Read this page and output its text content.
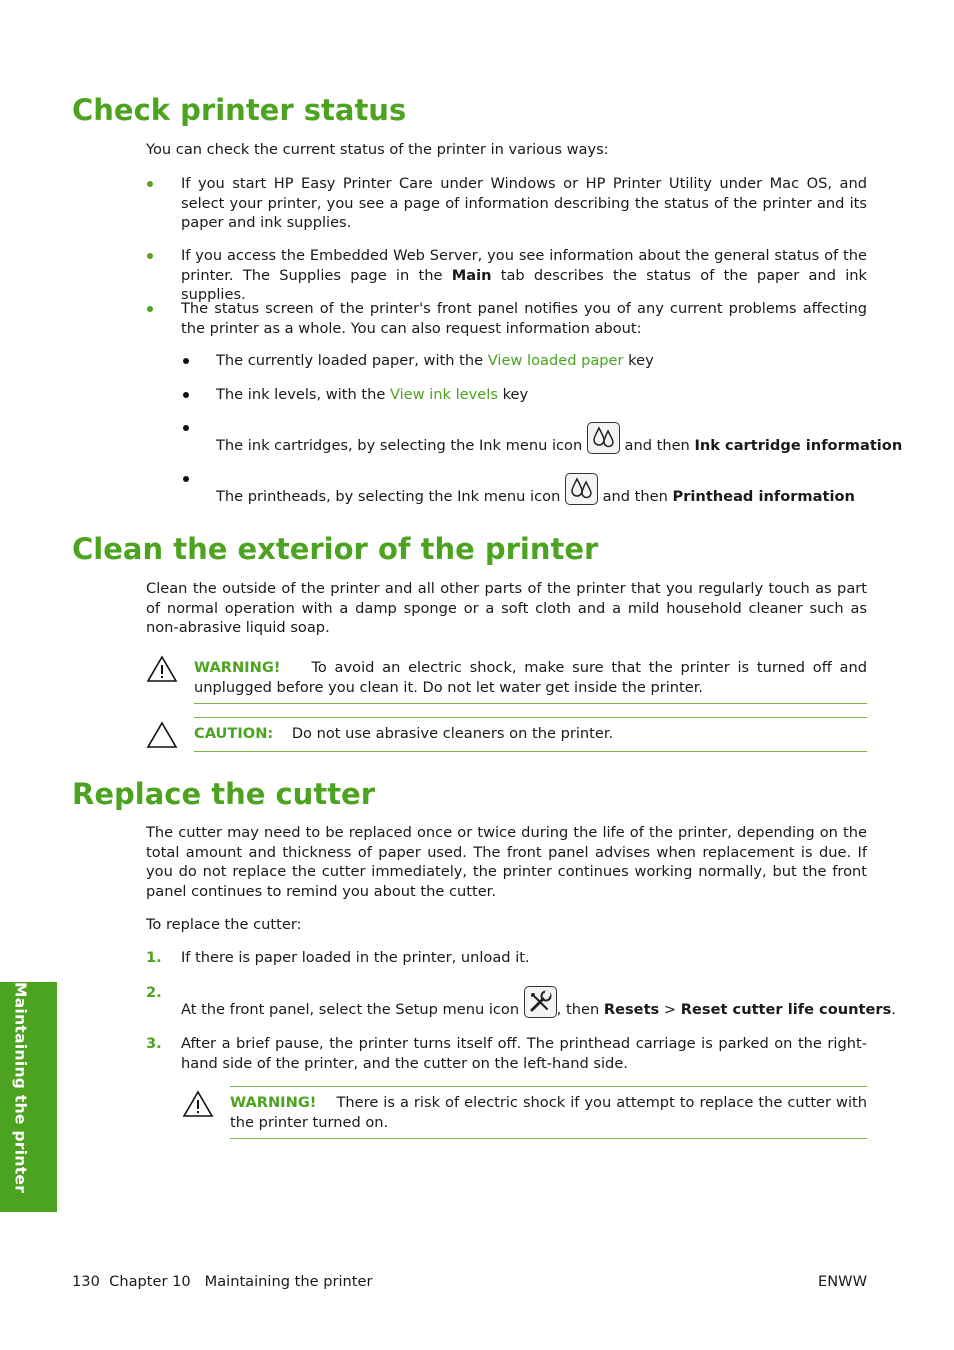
Check printer status

You can check the current status of the printer in various ways:

If you start HP Easy Printer Care under Windows or HP Printer Utility under Mac OS, and select your printer, you see a page of information describing the status of the printer and its paper and ink supplies.

If you access the Embedded Web Server, you see information about the general status of the printer. The Supplies page in the Main tab describes the status of the paper and ink supplies.

The status screen of the printer's front panel notifies you of any current problems affecting the printer as a whole. You can also request information about:

The currently loaded paper, with the View loaded paper key

The ink levels, with the View ink levels key

The ink cartridges, by selecting the Ink menu icon
and then Ink cartridge information

The printheads, by selecting the Ink menu icon
and then Printhead information

Clean the exterior of the printer

Clean the outside of the printer and all other parts of the printer that you regularly touch as part of normal operation with a damp sponge or a soft cloth and a mild household cleaner such as non-abrasive liquid soap.

WARNING! To avoid an electric shock, make sure that the printer is turned off and unplugged before you clean it. Do not let water get inside the printer.

CAUTION: Do not use abrasive cleaners on the printer.

Replace the cutter

The cutter may need to be replaced once or twice during the life of the printer, depending on the total amount and thickness of paper used. The front panel advises when replacement is due. If you do not replace the cutter immediately, the printer continues working normally, but the front panel continues to remind you about the cutter.

To replace the cutter:

1. If there is paper loaded in the printer, unload it.

2.

At the front panel, select the Setup menu icon
, then Resets > Reset cutter life counters.

3. After a brief pause, the printer turns itself off. The printhead carriage is parked on the right-hand side of the printer, and the cutter on the left-hand side.

WARNING! There is a risk of electric shock if you attempt to replace the cutter with the printer turned on.

Maintaining the printer
130  Chapter 10   Maintaining the printer	ENWW
